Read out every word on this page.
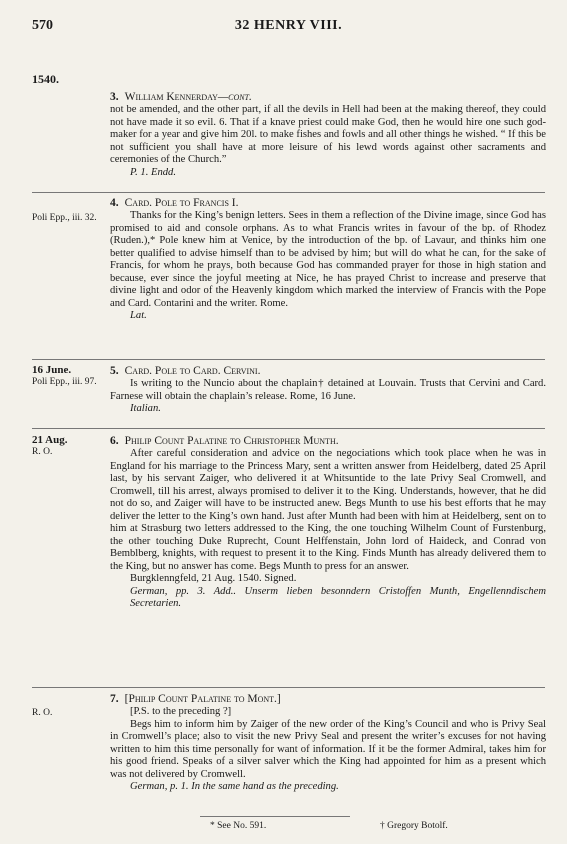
570	32 HENRY VIII.
1540.
3. William Kennerday—cont.

not be amended, and the other part, if all the devils in Hell had been at the making thereof, they could not have made it so evil. 6. That if a knave priest could make God, then he would hire one such god-maker for a year and give him 20l. to make fishes and fowls and all other things he wished. “ If this be not sufficient you shall have at more leisure of his lewd words against other sacraments and ceremonies of the Church.”

P. 1. Endd.

Poli Epp., iii. 32.
4. Card. Pole to Francis I.

Thanks for the King’s benign letters. Sees in them a reflection of the Divine image, since God has promised to aid and console orphans. As to what Francis writes in favour of the bp. of Rhodez (Ruden.),* Pole knew him at Venice, by the introduction of the bp. of Lavaur, and thinks him one better qualified to advise himself than to be advised by him; but will do what he can, for the sake of Francis, for whom he prays, both because God has commanded prayer for those in high station and because, ever since the joyful meeting at Nice, he has prayed Christ to increase and preserve that divine light and odor of the Heavenly kingdom which marked the interview of Francis with the Pope and Card. Contarini and the writer. Rome.

Lat.

16 June.
Poli Epp., iii. 97.
5. Card. Pole to Card. Cervini.

Is writing to the Nuncio about the chaplain† detained at Louvain. Trusts that Cervini and Card. Farnese will obtain the chaplain’s release. Rome, 16 June.

Italian.

21 Aug.
R. O.
6. Philip Count Palatine to Christopher Munth.

After careful consideration and advice on the negociations which took place when he was in England for his marriage to the Princess Mary, sent a written answer from Heidelberg, dated 25 April last, by his servant Zaiger, who delivered it at Whitsuntide to the late Privy Seal Cromwell, and Cromwell, till his arrest, always promised to deliver it to the King. Understands, however, that he did not do so, and Zaiger will have to be instructed anew. Begs Munth to use his best efforts that he may deliver the letter to the King’s own hand. Just after Munth had been with him at Heidelberg, sent on to him at Strasburg two letters addressed to the King, the one touching Wilhelm Count of Furstenburg, the other touching Duke Ruprecht, Count Helffenstain, John lord of Haideck, and Conrad von Bemblberg, knights, with request to present it to the King. Finds Munth has already delivered them to the King, but no answer has come. Begs Munth to press for an answer.

Burgklenngfeld, 21 Aug. 1540. Signed.

German, pp. 3. Add.. Unserm lieben besonndern Cristoffen Munth, Engellenndischem Secretarien.

R. O.
7. [Philip Count Palatine to Mont.]

[P.S. to the preceding ?]

Begs him to inform him by Zaiger of the new order of the King’s Council and who is Privy Seal in Cromwell’s place; also to visit the new Privy Seal and present the writer’s excuses for not having written to him this time personally for want of information. If it be the former Admiral, takes him for his good friend. Speaks of a silver salver which the King had appointed for him as a present which was not delivered by Cromwell.

German, p. 1. In the same hand as the preceding.

* See No. 591.	† Gregory Botolf.
